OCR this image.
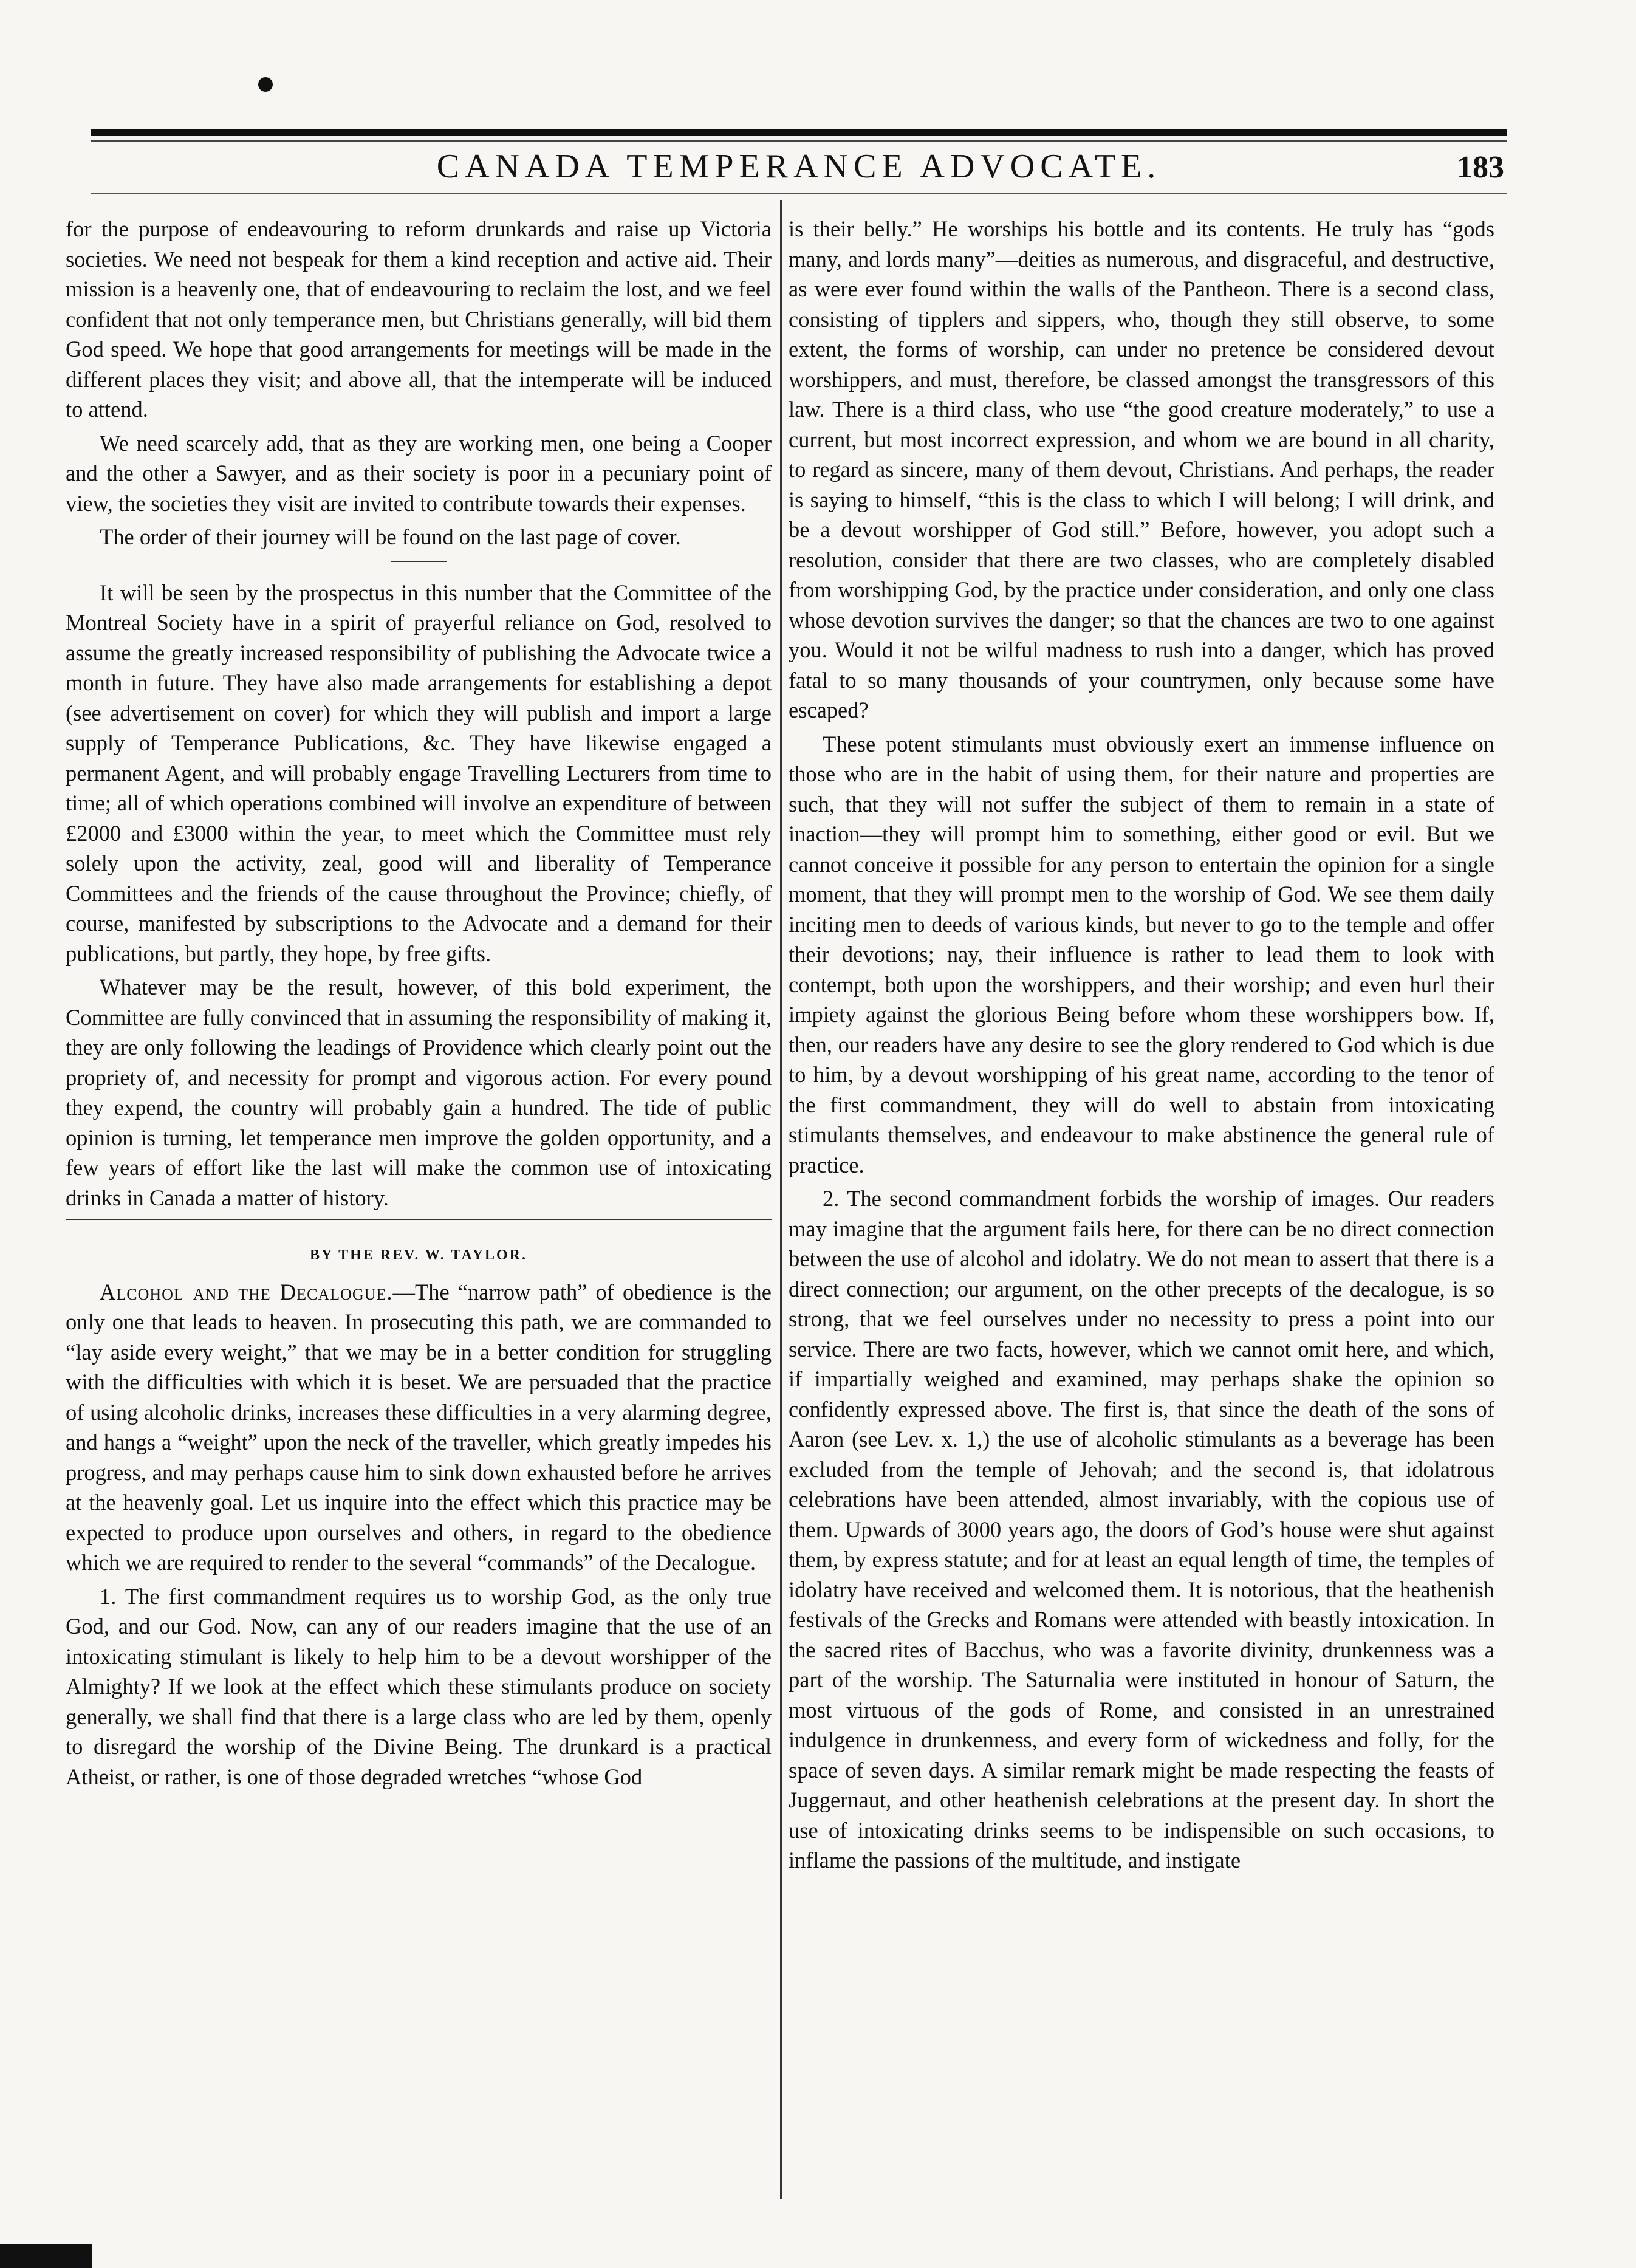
CANADA TEMPERANCE ADVOCATE.	183

for the purpose of endeavouring to reform drunkards and raise up Victoria societies. We need not bespeak for them a kind reception and active aid. Their mission is a heavenly one, that of endeavouring to reclaim the lost, and we feel confident that not only temperance men, but Christians generally, will bid them God speed. We hope that good arrangements for meetings will be made in the different places they visit; and above all, that the intemperate will be induced to attend.

We need scarcely add, that as they are working men, one being a Cooper and the other a Sawyer, and as their society is poor in a pecuniary point of view, the societies they visit are invited to contribute towards their expenses.

The order of their journey will be found on the last page of cover.

It will be seen by the prospectus in this number that the Committee of the Montreal Society have in a spirit of prayerful reliance on God, resolved to assume the greatly increased responsibility of publishing the Advocate twice a month in future. They have also made arrangements for establishing a depot (see advertisement on cover) for which they will publish and import a large supply of Temperance Publications, &c. They have likewise engaged a permanent Agent, and will probably engage Travelling Lecturers from time to time; all of which operations combined will involve an expenditure of between £2000 and £3000 within the year, to meet which the Committee must rely solely upon the activity, zeal, good will and liberality of Temperance Committees and the friends of the cause throughout the Province; chiefly, of course, manifested by subscriptions to the Advocate and a demand for their publications, but partly, they hope, by free gifts.

Whatever may be the result, however, of this bold experiment, the Committee are fully convinced that in assuming the responsibility of making it, they are only following the leadings of Providence which clearly point out the propriety of, and necessity for prompt and vigorous action. For every pound they expend, the country will probably gain a hundred. The tide of public opinion is turning, let temperance men improve the golden opportunity, and a few years of effort like the last will make the common use of intoxicating drinks in Canada a matter of history.

BY THE REV. W. TAYLOR.

Alcohol and the Decalogue.—The “narrow path” of obedience is the only one that leads to heaven. In prosecuting this path, we are commanded to “lay aside every weight,” that we may be in a better condition for struggling with the difficulties with which it is beset. We are persuaded that the practice of using alcoholic drinks, increases these difficulties in a very alarming degree, and hangs a “weight” upon the neck of the traveller, which greatly impedes his progress, and may perhaps cause him to sink down exhausted before he arrives at the heavenly goal. Let us inquire into the effect which this practice may be expected to produce upon ourselves and others, in regard to the obedience which we are required to render to the several “commands” of the Decalogue.

1. The first commandment requires us to worship God, as the only true God, and our God. Now, can any of our readers imagine that the use of an intoxicating stimulant is likely to help him to be a devout worshipper of the Almighty? If we look at the effect which these stimulants produce on society generally, we shall find that there is a large class who are led by them, openly to disregard the worship of the Divine Being. The drunkard is a practical Atheist, or rather, is one of those degraded wretches “whose God

is their belly.” He worships his bottle and its contents. He truly has “gods many, and lords many”—deities as numerous, and disgraceful, and destructive, as were ever found within the walls of the Pantheon. There is a second class, consisting of tipplers and sippers, who, though they still observe, to some extent, the forms of worship, can under no pretence be considered devout worshippers, and must, therefore, be classed amongst the transgressors of this law. There is a third class, who use “the good creature moderately,” to use a current, but most incorrect expression, and whom we are bound in all charity, to regard as sincere, many of them devout, Christians. And perhaps, the reader is saying to himself, “this is the class to which I will belong; I will drink, and be a devout worshipper of God still.” Before, however, you adopt such a resolution, consider that there are two classes, who are completely disabled from worshipping God, by the practice under consideration, and only one class whose devotion survives the danger; so that the chances are two to one against you. Would it not be wilful madness to rush into a danger, which has proved fatal to so many thousands of your countrymen, only because some have escaped?

These potent stimulants must obviously exert an immense influence on those who are in the habit of using them, for their nature and properties are such, that they will not suffer the subject of them to remain in a state of inaction—they will prompt him to something, either good or evil. But we cannot conceive it possible for any person to entertain the opinion for a single moment, that they will prompt men to the worship of God. We see them daily inciting men to deeds of various kinds, but never to go to the temple and offer their devotions; nay, their influence is rather to lead them to look with contempt, both upon the worshippers, and their worship; and even hurl their impiety against the glorious Being before whom these worshippers bow. If, then, our readers have any desire to see the glory rendered to God which is due to him, by a devout worshipping of his great name, according to the tenor of the first commandment, they will do well to abstain from intoxicating stimulants themselves, and endeavour to make abstinence the general rule of practice.

2. The second commandment forbids the worship of images. Our readers may imagine that the argument fails here, for there can be no direct connection between the use of alcohol and idolatry. We do not mean to assert that there is a direct connection; our argument, on the other precepts of the decalogue, is so strong, that we feel ourselves under no necessity to press a point into our service. There are two facts, however, which we cannot omit here, and which, if impartially weighed and examined, may perhaps shake the opinion so confidently expressed above. The first is, that since the death of the sons of Aaron (see Lev. x. 1,) the use of alcoholic stimulants as a beverage has been excluded from the temple of Jehovah; and the second is, that idolatrous celebrations have been attended, almost invariably, with the copious use of them. Upwards of 3000 years ago, the doors of God’s house were shut against them, by express statute; and for at least an equal length of time, the temples of idolatry have received and welcomed them. It is notorious, that the heathenish festivals of the Grecks and Romans were attended with beastly intoxication. In the sacred rites of Bacchus, who was a favorite divinity, drunkenness was a part of the worship. The Saturnalia were instituted in honour of Saturn, the most virtuous of the gods of Rome, and consisted in an unrestrained indulgence in drunkenness, and every form of wickedness and folly, for the space of seven days. A similar remark might be made respecting the feasts of Juggernaut, and other heathenish celebrations at the present day. In short the use of intoxicating drinks seems to be indispensible on such occasions, to inflame the passions of the multitude, and instigate
